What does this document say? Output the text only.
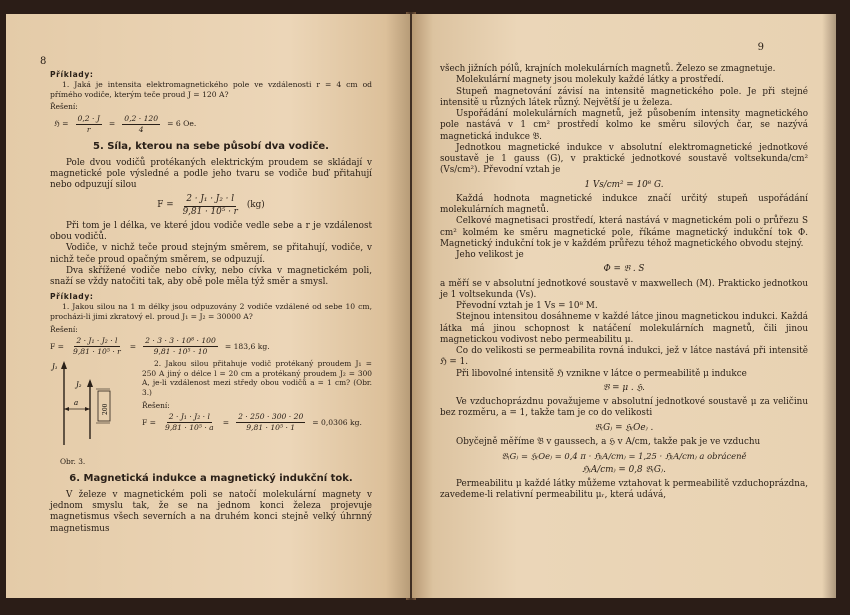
8
Příklady:

1. Jaká je intensita elektromagnetického pole ve vzdálenosti r = 4 cm od přímého vodiče, kterým teče proud J = 120 A?

Řešení:
ℌ = $\frac{0,2 \cdot J}{r} = \frac{0,2 \cdot 120}{4} = 6$ Oe.
5. Síla, kterou na sebe působí dva vodiče.

Pole dvou vodičů protékaných elektrickým proudem se skládají v magnetické pole výsledné a podle jeho tvaru se vodiče buď přitahují nebo odpuzují silou

$F = \frac{\text{2 · J₁ · J₂ · l}}{\text{9,81 · 10⁵ · r}} (kg)$

Při tom je l délka, ve které jdou vodiče vedle sebe a r je vzdálenost obou vodičů.

Vodiče, v nichž teče proud stejným směrem, se přitahují, vodiče, v nichž teče proud opačným směrem, se odpuzují.

Dva skřížené vodiče nebo cívky, nebo cívka v magnetickém poli, snaží se vždy natočiti tak, aby obě pole měla týž směr a smysl.

Příklady:

1. Jakou silou na 1 m délky jsou odpuzovány 2 vodiče vzdálené od sebe 10 cm, procházi-li jimi zkratový el. proud J₁ = J₂ = 30000 A?

Řešení:
$F = \frac{\text{2 · J₁ · J₂ · l}}{\text{9,81 · 10⁵ · r}} = \frac{\text{2 · 3 · 3 · 10⁸ · 100}}{\text{9,81 · 10⁵ · 10}} = 183,6$ kg.
J₁
J₂
a
200

2. Jakou silou přitahuje vodič protékaný proudem J₁ = 250 A jiný o délce l = 20 cm a protékaný proudem J₂ = 300 A, je-li vzdálenost mezi středy obou vodičů a = 1 cm? (Obr. 3.)

Řešení:
$F = \frac{\text{2 · J₁ · J₂ · l}}{\text{9,81 · 10⁵ · a}} = \frac{2 \cdot 250 \cdot 300 \cdot 20}{\text{9,81 · 10⁵ · 1}} = 0,0306$ kg.
Obr. 3.
6. Magnetická indukce a magnetický indukční tok.

V železe v magnetickém poli se natočí molekulární magnety v jednom smyslu tak, že se na jednom konci železa projevuje magnetismus všech severních a na druhém konci stejně velký úhrnný magnetismus

9

všech jižních pólů, krajních molekulárních magnetů. Železo se zmagnetuje.

Molekulární magnety jsou molekuly každé látky a prostředí.

Stupeň magnetování závisí na intensitě magnetického pole. Je při stejné intensitě u různých látek různý. Největší je u železa.

Uspořádání molekulárních magnetů, jež působením intensity magnetického pole nastává v 1 cm² prostředí kolmo ke směru silových čar, se nazývá magnetická indukce 𝔅.

Jednotkou magnetické indukce v absolutní elektromagnetické jednotkové soustavě je 1 gauss (G), v praktické jednotkové soustavě voltsekunda/cm² (Vs/cm²). Převodní vztah je

1 Vs/cm² = 10⁸ G.

Každá hodnota magnetické indukce značí určitý stupeň uspořádání molekulárních magnetů.

Celkové magnetisaci prostředí, která nastává v magnetickém poli o průřezu S cm² kolmém ke směru magnetické pole, říkáme magnetický indukční tok Φ. Magnetický indukční tok je v každém průřezu téhož magnetického obvodu stejný.

Jeho velikost je

Φ = 𝔅 . S

a měří se v absolutní jednotkové soustavě v maxwellech (M). Prakticko jednotkou je 1 voltsekunda (Vs).

Převodní vztah je 1 Vs = 10⁸ M.

Stejnou intensitou dosáhneme v každé látce jinou magnetickou indukci. Každá látka má jinou schopnost k natáčení molekulárních magnetů, čili jinou magnetickou vodivost nebo permeabilitu μ.

Co do velikosti se permeabilita rovná indukci, jež v látce nastává při intensitě ℌ = 1.

Při libovolné intensitě ℌ vznikne v látce o permeabilitě μ indukce

𝔅 = μ . ℌ.

Ve vzduchoprázdnu považujeme v absolutní jednotkové soustavě μ za veličinu bez rozměru, a = 1, takže tam je co do velikosti

𝔅₍G₎ = ℌ₍Oe₎ .

Obyčejně měříme 𝔅 v gaussech, a ℌ v A/cm, takže pak je ve vzduchu

𝔅₍G₎ = ℌ₍Oe₎ = 0,4 π · ℌ₍A/cm₎ = 1,25 · ℌ₍A/cm₎ a obráceně
ℌ₍A/cm₎ = 0,8 𝔅₍G₎.

Permeabilitu μ každé látky můžeme vztahovat k permeabilitě vzduchoprázdna, zavedeme-li relativní permeabilitu μᵣ, která udává,
